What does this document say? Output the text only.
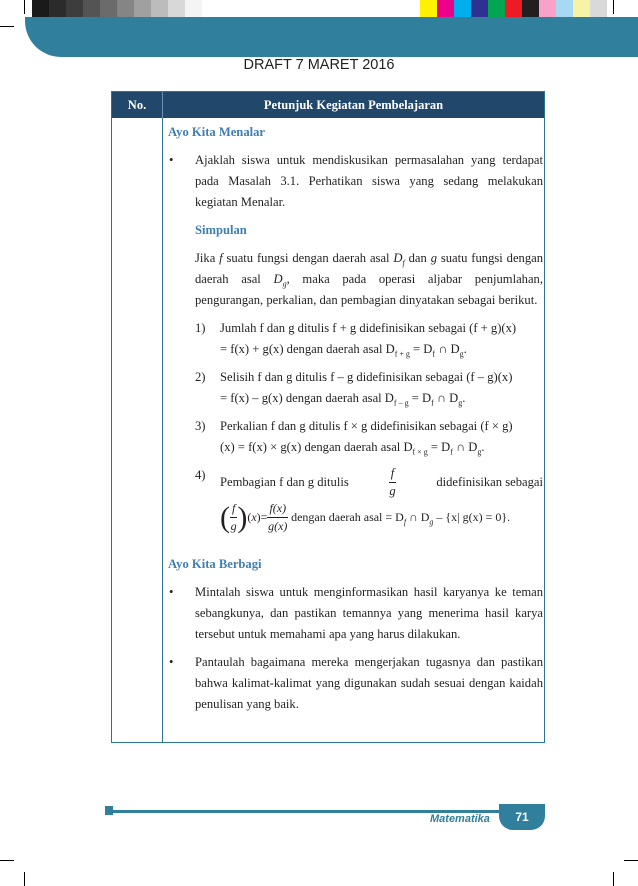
DRAFT 7 MARET 2016
No.	Petunjuk Kegiatan Pembelajaran

Ayo Kita Menalar

• Ajaklah siswa untuk mendiskusikan permasalahan yang terdapat pada Masalah 3.1. Perhatikan siswa yang sedang melakukan kegiatan Menalar.

Simpulan

Jika f suatu fungsi dengan daerah asal $D_f$ dan g suatu fungsi dengan daerah asal $D_g$, maka pada operasi aljabar penjumlahan, pengurangan, perkalian, dan pembagian dinyatakan sebagai berikut.

1) Jumlah f dan g ditulis f + g didefinisikan sebagai (f + g)(x)
= f(x) + g(x) dengan daerah asal $D_{f + g} = D_f$ ∩ $D_g$.
2) Selisih f dan g ditulis f – g didefinisikan sebagai (f – g)(x)
= f(x) – g(x) dengan daerah asal $D_{f - g} = D_f$ ∩ $D_g$.
3) Perkalian f dan g ditulis f × g didefinisikan sebagai (f × g)
(x) = f(x) × g(x) dengan daerah asal $D_{f \times g} = D_f$ ∩ $D_g$.
4) Pembagian f dan g ditulis	$\frac{f}{g}$	didefinisikan sebagai
( $\frac{f}{g}$ ) $(x) = \frac{f(x)}{g(x)}$ dengan daerah asal = $D_f$ ∩ $D_g - \{x|$ g(x) = 0}.

Ayo Kita Berbagi

• Mintalah siswa untuk menginformasikan hasil karyanya ke teman sebangkunya, dan pastikan temannya yang menerima hasil karya tersebut untuk memahami apa yang harus dilakukan.

• Pantaulah bagaimana mereka mengerjakan tugasnya dan pastikan bahwa kalimat-kalimat yang digunakan sudah sesuai dengan kaidah penulisan yang baik.

Matematika	71
